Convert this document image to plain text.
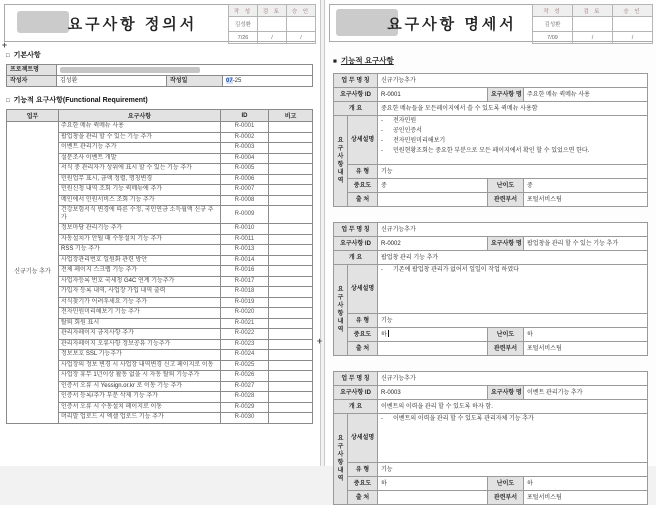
요구사항 정의서
작 성	검 토	승 인
김성환		
7/26	/	/
□ 기본사항
프로젝트명			

작성자	김성환	작성일	07-25
□ 기능적 요구사항(Functional Requirement)
업무	요구사항	ID	비고
신규기능 추가	주요한 메뉴 퀵메뉴 사용	R-0001	
	팝업창을 관리 할 수 있는 기능 추가	R-0002	
	이벤트 관리기능 추가	R-0003	
	설문조사 이벤트 개발	R-0004	
	서식 중 관리자가 상위에 표시 할 수 있는 기능 추가	R-0005	
	민원업무 표시, 금액 정렬, 명칭변경	R-0006	
	민원신청 내역 조회 기능 퀵메뉴에 추가	R-0007	
	메인에서 민원서비스 조회 기능 추가	R-0008	
	건강보험서식 변경에 따른 수정, 국민연금 소득월액 신규 추가	R-0009	
	정보마당 관리기능 추가	R-0010	
	자동설치가 안될 때 수동설치 기능 추가	R-0011	
	RSS 기능 추가	R-0013	
	사업장관리번호 일원화 관련 방안	R-0014	
	전체 페이지 스크랩 기능 추가	R-0016	
	사업자등록 번호 국세청 G4C 연계 기능추가	R-0017	
	가입자 등록 내역, 사업장 가입 내역 출력	R-0018	
	서식찾기가 어려우세요 기능 추가	R-0019	
	전자민원미리해보기 기능 추가	R-0020	
	탈퇴 회원 표시	R-0021	
	관리자페이지 금지사항 추가	R-0022	
	관리자페이지 오류사항 정보공유 기능추가	R-0023	
	정보보호 SSL 기능추가	R-0024	
	사업장의 정보 변경 시 사업장 내역변경 신고 페이지로 이동	R-0025	
	사업장 휴무 1년이상 활동 없을 시 자동 탈퇴 기능추가	R-0026	
	인증서 오류 시 Yessign.or.kr 로 이동 기능 추가	R-0027	
	인증서 등록/추가 부분 삭제 기능 추가	R-0028	
	인증서 오류 시 수동설치 페이지로 이동	R-0029	
	머리말 업로드 시 엑셀 업로드 기능 추가	R-0030	
요구사항 명세서
작 성	검 토	승 인
김성환		
7/09	/	/
■ 기능적 요구사항
업 무 명 칭		신규기능추가		
요구사항 ID		R-0001	요구사항 명	주요한 메뉴 퀵메뉴 사용
개 요		중요한 메뉴들을 모든페이지에서 쓸 수 있도록 퀵메뉴 사용함		
요구사항내역	상세설명	
- 전자민원
- 공인인증서
- 전자민원미리해보기
- 민원현황조회는 중요한 부분으로 모든 페이지에서 확인 할 수 있었으면 한다.

	유 형	기능		
	중요도	중	난이도	중
	출 처		관련부서	포털서비스팀
업 무 명 칭		신규기능추가		
요구사항 ID		R-0002	요구사항 명	팝업창을 관리 할 수 있는 기능 추가
개 요		팝업창 관리 기능 추가		
요구사항내역	상세설명	- 기존에 팝업창 관리가 없어서 일일이 작업 하였다		

	유 형	기능		
	중요도	하	난이도	하
	출 처		관련부서	포털서비스팀
업 무 명 칭		신규기능추가		
요구사항 ID		R-0003	요구사항 명	이벤트 관리기능 추가
개 요		이벤트의 이력을 관리 할 수 있도록 하자 함.		
요구사항내역	상세설명	- 이벤트의 이력을 관리 할 수 있도록 관리자체 기능 추가		

	유 형	기능		
	중요도	하	난이도	하
	출 처		관련부서	포털서비스팀
+
+
